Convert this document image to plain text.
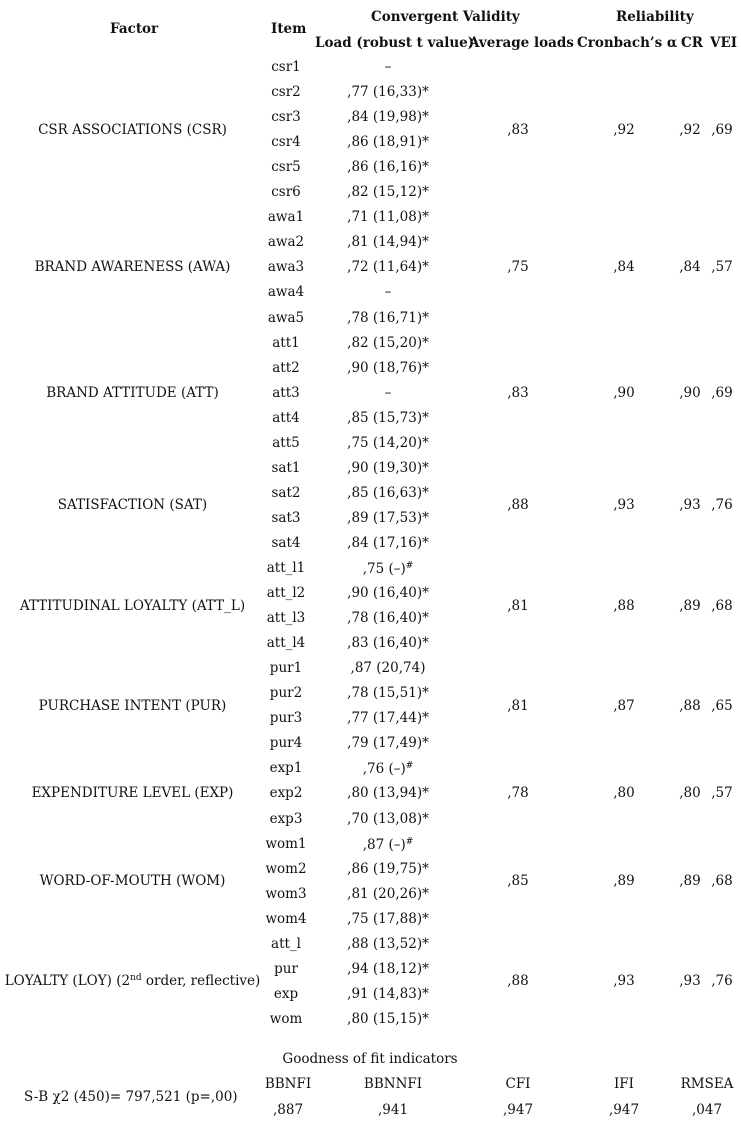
Factor	Item
Convergent Validity	Reliability
Load (robust t value)
Average loads Cronbach’s α CR VEI
csr1	–
csr2	,77 (16,33)*
csr3	,84 (19,98)*
csr4	,86 (18,91)*
csr5	,86 (16,16)*
csr6	,82 (15,12)*
CSR ASSOCIATIONS (CSR)	,83	,92	,92 ,69
awa1	,71 (11,08)*
awa2	,81 (14,94)*
awa3	,72 (11,64)*
awa4	–
awa5	,78 (16,71)*
BRAND AWARENESS (AWA)	,75	,84	,84 ,57
att1	,82 (15,20)*
att2	,90 (18,76)*
att3	–
att4	,85 (15,73)*
att5	,75 (14,20)*
BRAND ATTITUDE (ATT)	,83	,90	,90 ,69
sat1	,90 (19,30)*
sat2	,85 (16,63)*
sat3	,89 (17,53)*
sat4	,84 (17,16)*
SATISFACTION (SAT)	,88	,93	,93 ,76
att_l1	,75 (–)#
att_l2	,90 (16,40)*
att_l3	,78 (16,40)*
att_l4	,83 (16,40)*
ATTITUDINAL LOYALTY (ATT_L)	,81	,88	,89 ,68
pur1	,87 (20,74)
pur2	,78 (15,51)*
pur3	,77 (17,44)*
pur4	,79 (17,49)*
PURCHASE INTENT (PUR)	,81	,87	,88 ,65
exp1	,76 (–)#
exp2	,80 (13,94)*
exp3	,70 (13,08)*
EXPENDITURE LEVEL (EXP)	,78	,80	,80 ,57
wom1	,87 (–)#
wom2	,86 (19,75)*
wom3	,81 (20,26)*
wom4	,75 (17,88)*
WORD-OF-MOUTH (WOM)	,85	,89	,89 ,68
att_l	,88 (13,52)*
pur	,94 (18,12)*
exp	,91 (14,83)*
wom	,80 (15,15)*
LOYALTY (LOY) (2nd order, reflective)	,88	,93	,93 ,76
Goodness of fit indicators
S-B χ2 (450)= 797,521 (p=,00)
BBNFI	BBNNFI	CFI	IFI	RMSEA
,887	,941	,947	,947	,047
